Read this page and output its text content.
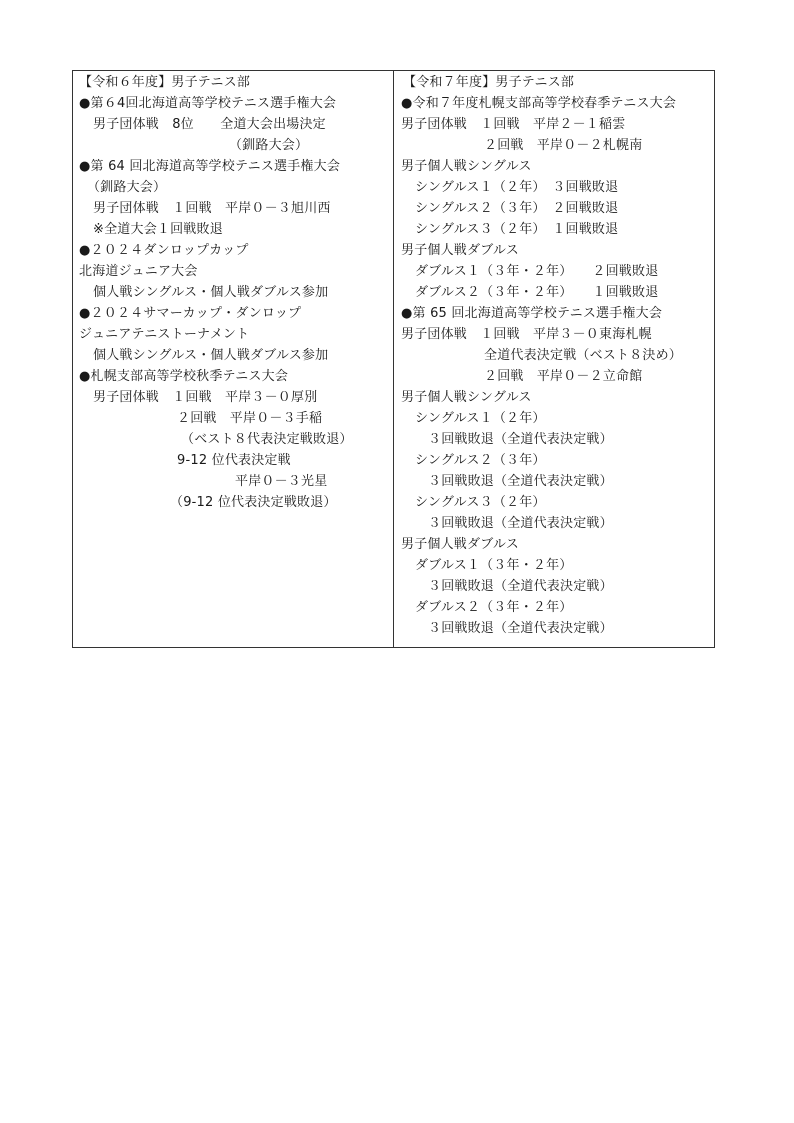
【令和６年度】男子テニス部
●第６4回北海道高等学校テニス選手権大会
男子団体戦　8位　　全道大会出場決定
（釧路大会）
●第 64 回北海道高等学校テニス選手権大会
（釧路大会）
男子団体戦　１回戦　平岸０－３旭川西
※全道大会１回戦敗退
●２０２４ダンロップカップ
北海道ジュニア大会
個人戦シングルス・個人戦ダブルス参加
●２０２４サマーカップ・ダンロップ
ジュニアテニストーナメント
個人戦シングルス・個人戦ダブルス参加
●札幌支部高等学校秋季テニス大会
男子団体戦　１回戦　平岸３－０厚別
２回戦　平岸０－３手稲
（ベスト８代表決定戦敗退）
9-12 位代表決定戦
平岸０－３光星
（9-12 位代表決定戦敗退）
【令和７年度】男子テニス部
●令和７年度札幌支部高等学校春季テニス大会
男子団体戦　１回戦　平岸２－１稲雲
２回戦　平岸０－２札幌南
男子個人戦シングルス
シングルス１（２年）　３回戦敗退
シングルス２（３年）　２回戦敗退
シングルス３（２年）　１回戦敗退
男子個人戦ダブルス
ダブルス１（３年・２年）　　２回戦敗退
ダブルス２（３年・２年）　　１回戦敗退
●第 65 回北海道高等学校テニス選手権大会
男子団体戦　１回戦　平岸３－０東海札幌
全道代表決定戦（ベスト８決め）
２回戦　平岸０－２立命館
男子個人戦シングルス
シングルス１（２年）
３回戦敗退（全道代表決定戦）
シングルス２（３年）
３回戦敗退（全道代表決定戦）
シングルス３（２年）
３回戦敗退（全道代表決定戦）
男子個人戦ダブルス
ダブルス１（３年・２年）
３回戦敗退（全道代表決定戦）
ダブルス２（３年・２年）
３回戦敗退（全道代表決定戦）
